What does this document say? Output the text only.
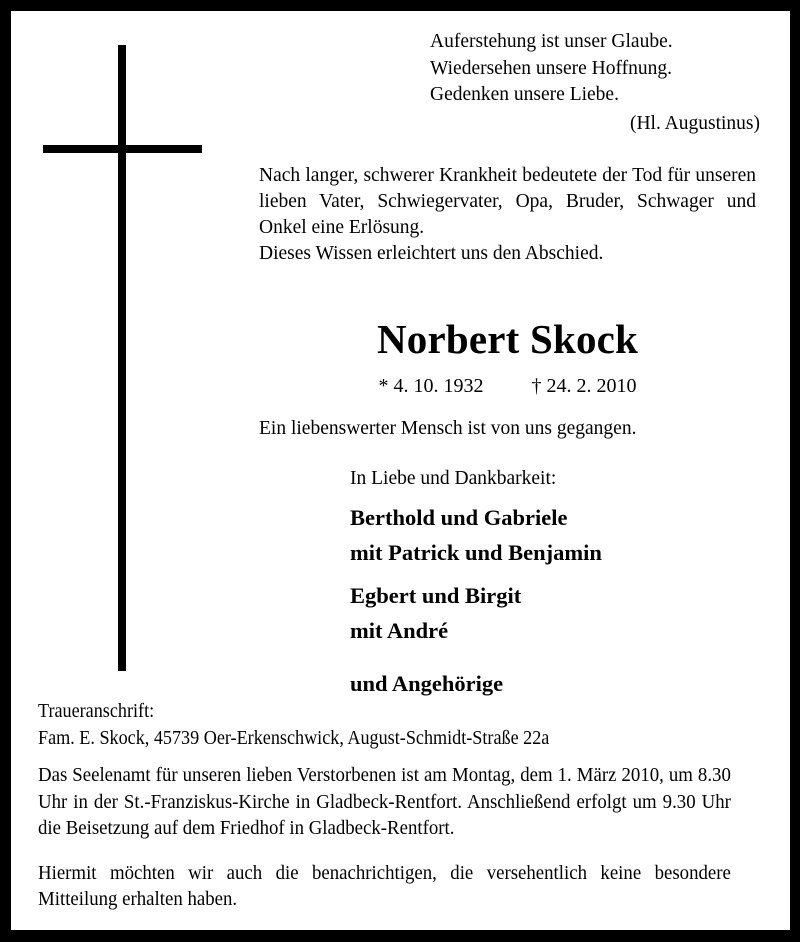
Auferstehung ist unser Glaube.
Wiedersehen unsere Hoffnung.
Gedenken unsere Liebe.
(Hl. Augustinus)
Nach langer, schwerer Krankheit bedeutete der Tod für unseren lieben Vater, Schwiegervater, Opa, Bruder, Schwager und Onkel eine Erlösung.
Dieses Wissen erleichtert uns den Abschied.
Norbert Skock
* 4. 10. 1932 † 24. 2. 2010
Ein liebenswerter Mensch ist von uns gegangen.
In Liebe und Dankbarkeit:
Berthold und Gabriele
mit Patrick und Benjamin
Egbert und Birgit
mit André
und Angehörige
Traueranschrift:
Fam. E. Skock, 45739 Oer-Erkenschwick, August-Schmidt-Straße 22a
Das Seelenamt für unseren lieben Verstorbenen ist am Montag, dem 1. März 2010, um 8.30 Uhr in der St.-Franziskus-Kirche in Gladbeck-Rentfort. Anschließend erfolgt um 9.30 Uhr die Beisetzung auf dem Friedhof in Gladbeck-Rentfort.
Hiermit möchten wir auch die benachrichtigen, die versehentlich keine besondere Mitteilung erhalten haben.
